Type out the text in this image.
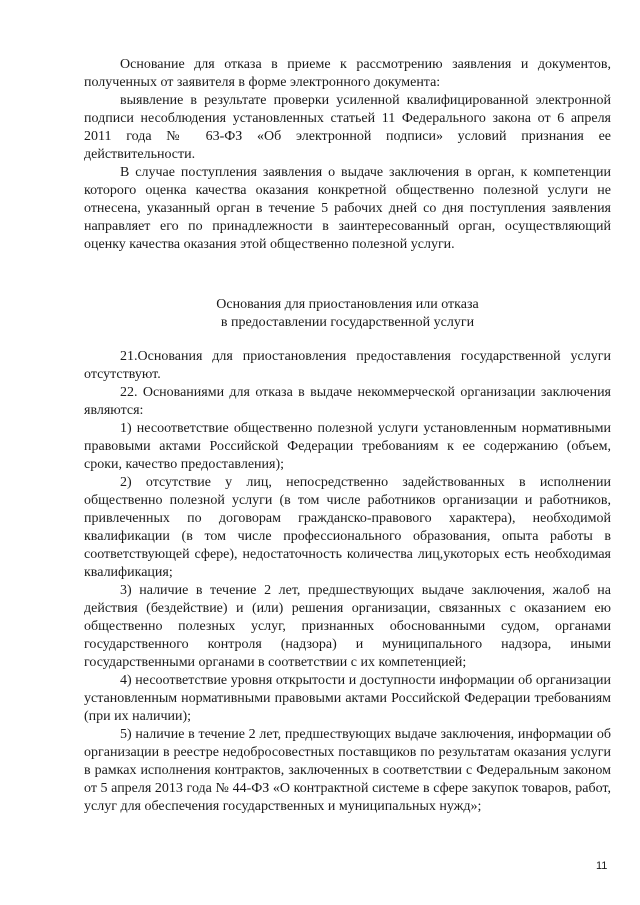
Основание для отказа в приеме к рассмотрению заявления и документов, полученных от заявителя в форме электронного документа:

выявление в результате проверки усиленной квалифицированной электронной подписи несоблюдения установленных статьей 11 Федерального закона от 6 апреля 2011 года № 63-ФЗ «Об электронной подписи» условий признания ее действительности.

В случае поступления заявления о выдаче заключения в орган, к компетенции которого оценка качества оказания конкретной общественно полезной услуги не отнесена, указанный орган в течение 5 рабочих дней со дня поступления заявления направляет его по принадлежности в заинтересованный орган, осуществляющий оценку качества оказания этой общественно полезной услуги.

Основания для приостановления или отказа

в предоставлении государственной услуги

21.Основания для приостановления предоставления государственной услуги отсутствуют.

22. Основаниями для отказа в выдаче некоммерческой организации заключения являются:

1) несоответствие общественно полезной услуги установленным нормативными правовыми актами Российской Федерации требованиям к ее содержанию (объем, сроки, качество предоставления);

2) отсутствие у лиц, непосредственно задействованных в исполнении общественно полезной услуги (в том числе работников организации и работников, привлеченных по договорам гражданско-правового характера), необходимой квалификации (в том числе профессионального образования, опыта работы в соответствующей сфере), недостаточность количества лиц,укоторых есть необходимая квалификация;

3) наличие в течение 2 лет, предшествующих выдаче заключения, жалоб на действия (бездействие) и (или) решения организации, связанных с оказанием ею общественно полезных услуг, признанных обоснованными судом, органами государственного контроля (надзора) и муниципального надзора, иными государственными органами в соответствии с их компетенцией;

4) несоответствие уровня открытости и доступности информации об организации установленным нормативными правовыми актами Российской Федерации требованиям (при их наличии);

5) наличие в течение 2 лет, предшествующих выдаче заключения, информации об организации в реестре недобросовестных поставщиков по результатам оказания услуги в рамках исполнения контрактов, заключенных в соответствии с Федеральным законом от 5 апреля 2013 года № 44-ФЗ «О контрактной системе в сфере закупок товаров, работ, услуг для обеспечения государственных и муниципальных нужд»;

11
